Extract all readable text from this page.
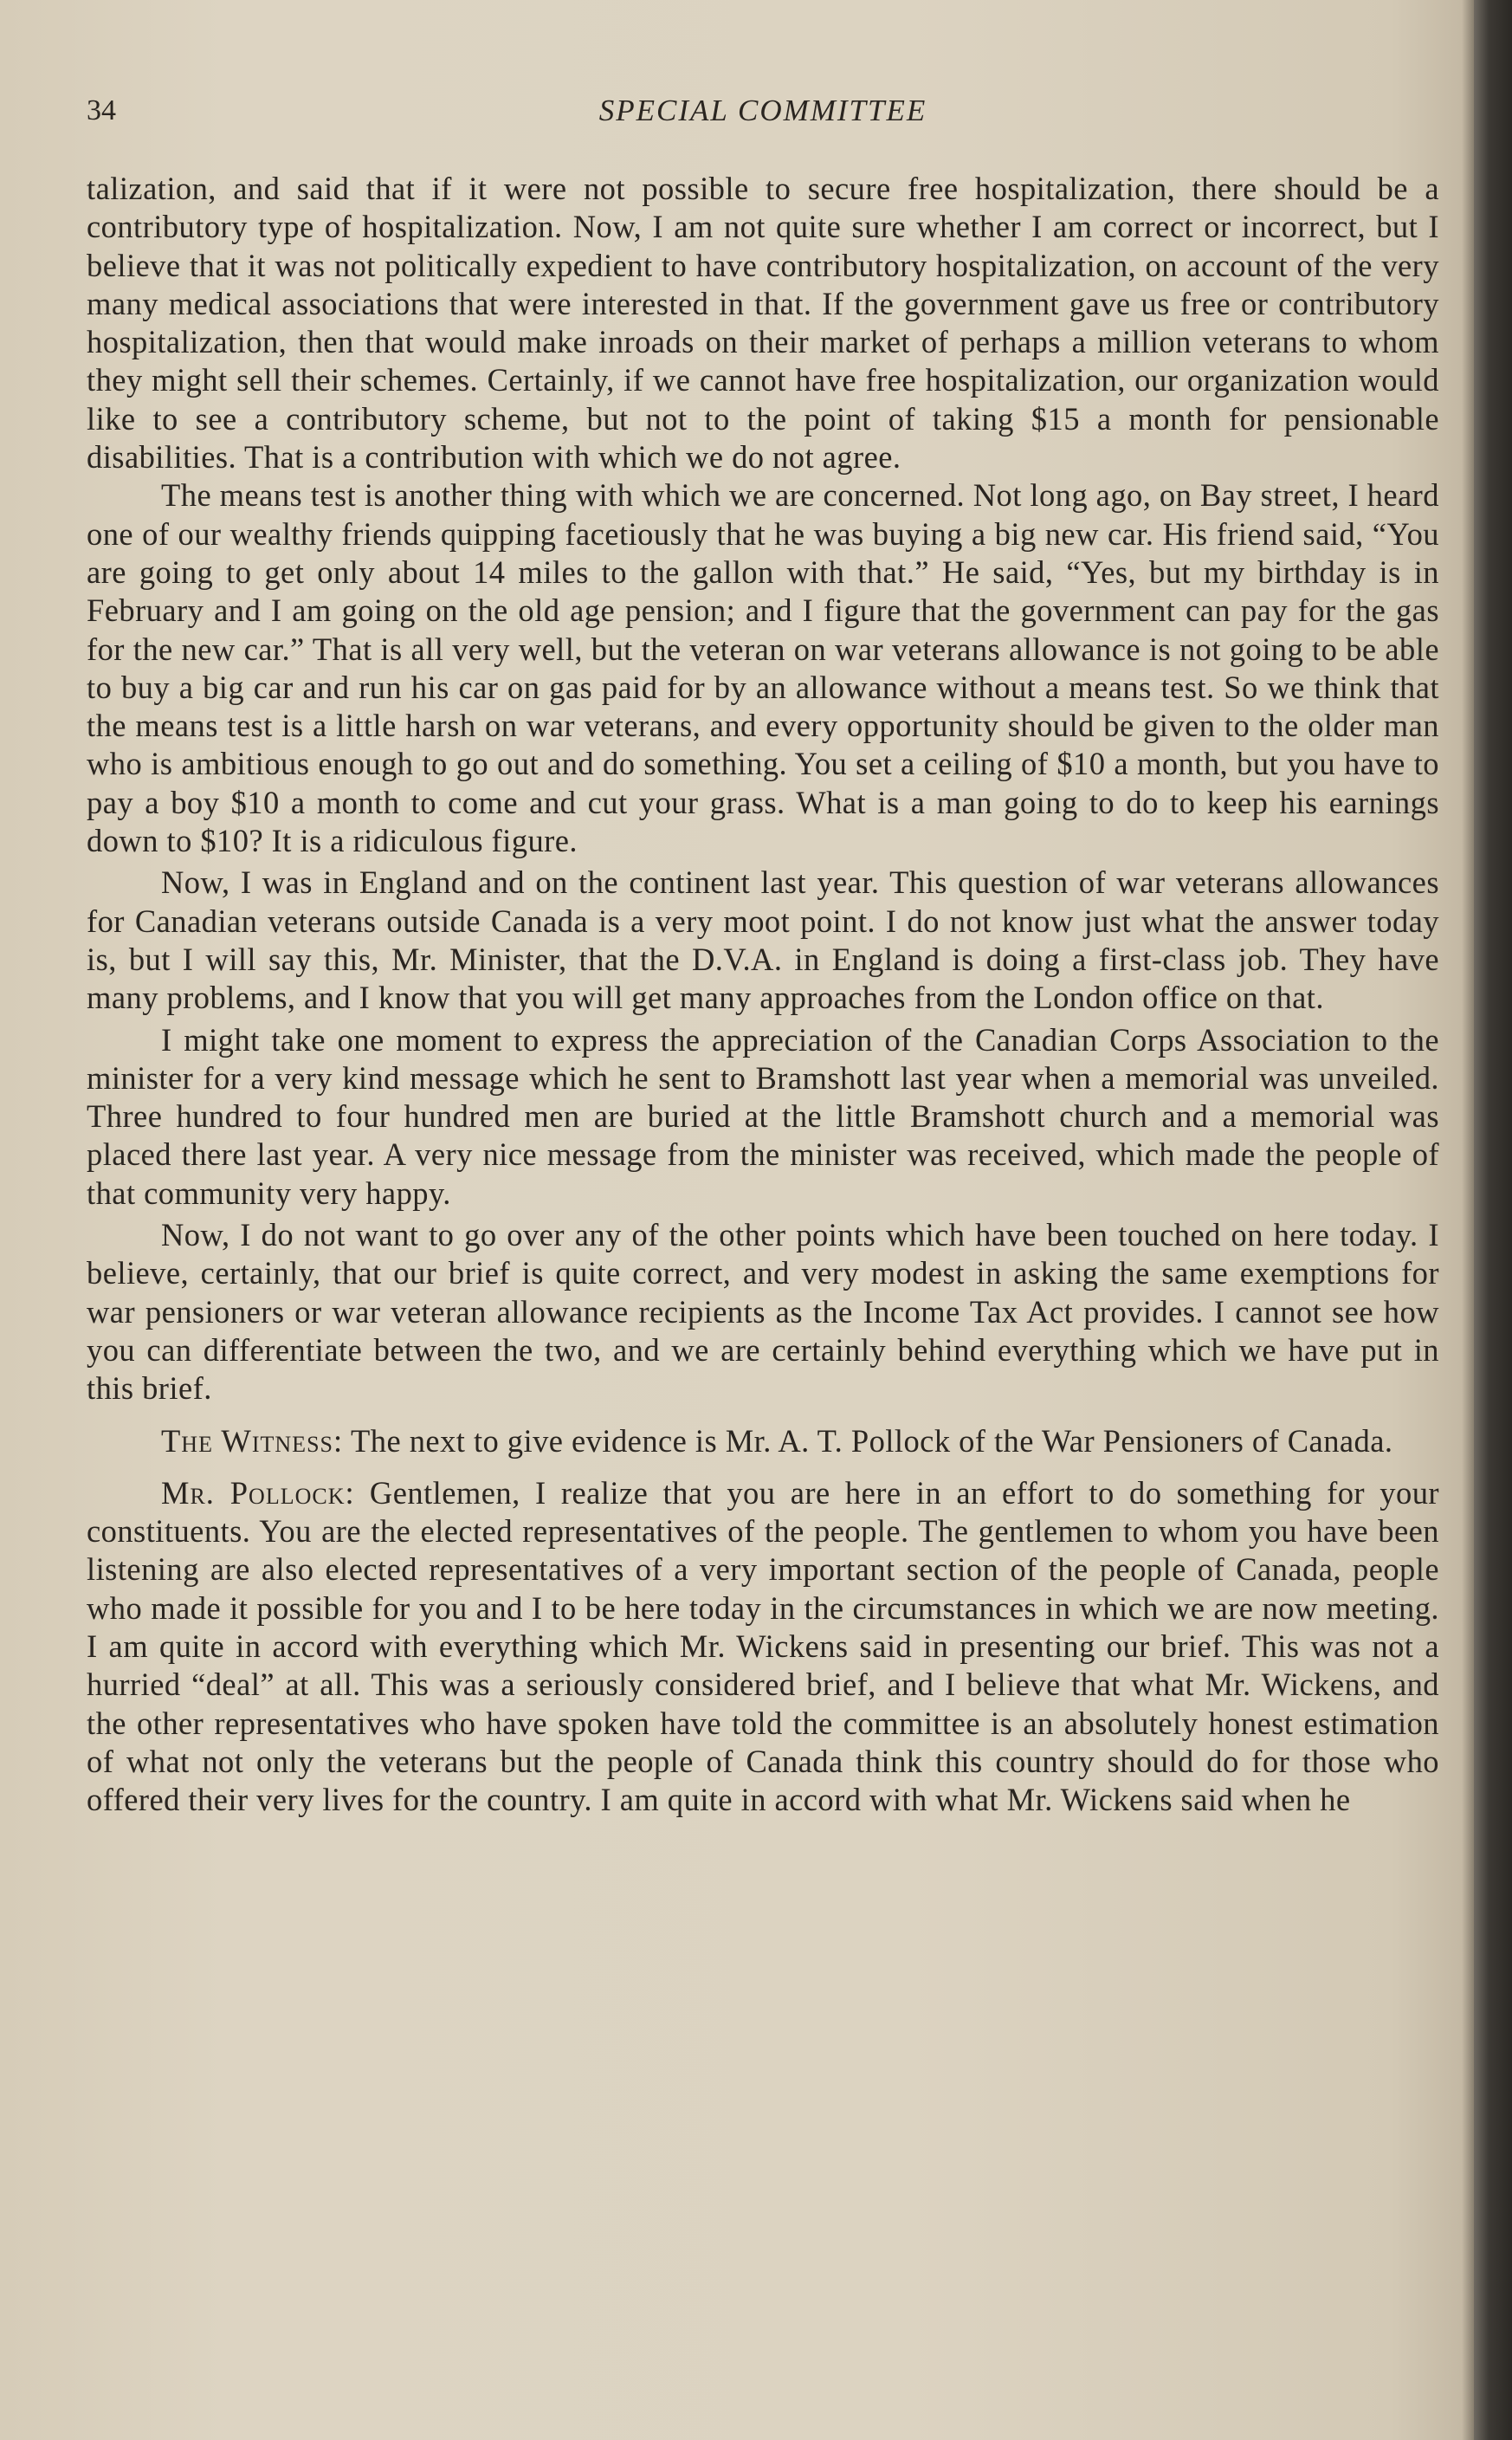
34	SPECIAL COMMITTEE

talization, and said that if it were not possible to secure free hospitalization, there should be a contributory type of hospitalization. Now, I am not quite sure whether I am correct or incorrect, but I believe that it was not politically expedient to have contributory hospitalization, on account of the very many medical associations that were interested in that. If the government gave us free or contributory hospitalization, then that would make inroads on their market of perhaps a million veterans to whom they might sell their schemes. Certainly, if we cannot have free hospitalization, our organization would like to see a contributory scheme, but not to the point of taking $15 a month for pensionable disabilities. That is a contribution with which we do not agree.

The means test is another thing with which we are concerned. Not long ago, on Bay street, I heard one of our wealthy friends quipping facetiously that he was buying a big new car. His friend said, “You are going to get only about 14 miles to the gallon with that.” He said, “Yes, but my birthday is in February and I am going on the old age pension; and I figure that the government can pay for the gas for the new car.” That is all very well, but the veteran on war veterans allowance is not going to be able to buy a big car and run his car on gas paid for by an allowance without a means test. So we think that the means test is a little harsh on war veterans, and every opportunity should be given to the older man who is ambitious enough to go out and do something. You set a ceiling of $10 a month, but you have to pay a boy $10 a month to come and cut your grass. What is a man going to do to keep his earnings down to $10? It is a ridiculous figure.

Now, I was in England and on the continent last year. This question of war veterans allowances for Canadian veterans outside Canada is a very moot point. I do not know just what the answer today is, but I will say this, Mr. Minister, that the D.V.A. in England is doing a first-class job. They have many problems, and I know that you will get many approaches from the London office on that.

I might take one moment to express the appreciation of the Canadian Corps Association to the minister for a very kind message which he sent to Bramshott last year when a memorial was unveiled. Three hundred to four hundred men are buried at the little Bramshott church and a memorial was placed there last year. A very nice message from the minister was received, which made the people of that community very happy.

Now, I do not want to go over any of the other points which have been touched on here today. I believe, certainly, that our brief is quite correct, and very modest in asking the same exemptions for war pensioners or war veteran allowance recipients as the Income Tax Act provides. I cannot see how you can differentiate between the two, and we are certainly behind everything which we have put in this brief.

The Witness: The next to give evidence is Mr. A. T. Pollock of the War Pensioners of Canada.

Mr. Pollock: Gentlemen, I realize that you are here in an effort to do something for your constituents. You are the elected representatives of the people. The gentlemen to whom you have been listening are also elected representatives of a very important section of the people of Canada, people who made it possible for you and I to be here today in the circumstances in which we are now meeting. I am quite in accord with everything which Mr. Wickens said in presenting our brief. This was not a hurried “deal” at all. This was a seriously considered brief, and I believe that what Mr. Wickens, and the other representatives who have spoken have told the committee is an absolutely honest estimation of what not only the veterans but the people of Canada think this country should do for those who offered their very lives for the country. I am quite in accord with what Mr. Wickens said when he
